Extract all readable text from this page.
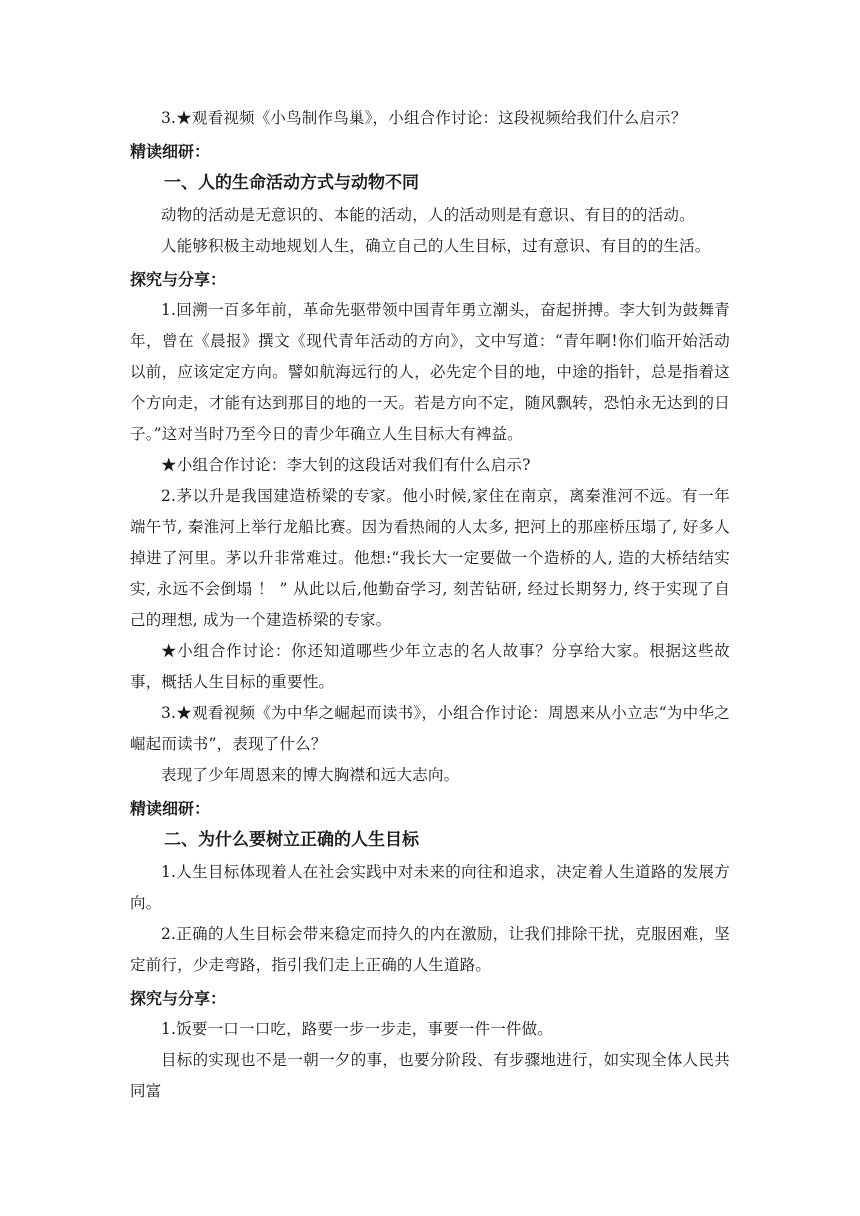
3.★观看视频《小鸟制作鸟巢》，小组合作讨论：这段视频给我们什么启示？
精读细研：
一、人的生命活动方式与动物不同
动物的活动是无意识的、本能的活动，人的活动则是有意识、有目的的活动。
人能够积极主动地规划人生，确立自己的人生目标，过有意识、有目的的生活。
探究与分享：
1.回溯一百多年前，革命先驱带领中国青年勇立潮头，奋起拼搏。李大钊为鼓舞青年，曾在《晨报》撰文《现代青年活动的方向》，文中写道：“青年啊!你们临开始活动以前，应该定定方向。譬如航海远行的人，必先定个目的地，中途的指针，总是指着这个方向走，才能有达到那目的地的一天。若是方向不定，随风飘转，恐怕永无达到的日子。”这对当时乃至今日的青少年确立人生目标大有裨益。
★小组合作讨论：李大钊的这段话对我们有什么启示?
2.茅以升是我国建造桥梁的专家。他小时候,家住在南京，离秦淮河不远。有一年端午节, 秦淮河上举行龙船比赛。因为看热闹的人太多, 把河上的那座桥压塌了, 好多人掉进了河里。茅以升非常难过。他想:“我长大一定要做一个造桥的人, 造的大桥结结实实, 永远不会倒塌 ！ ” 从此以后,他勤奋学习, 刻苦钻研, 经过长期努力, 终于实现了自己的理想, 成为一个建造桥梁的专家。
★小组合作讨论：你还知道哪些少年立志的名人故事？分享给大家。根据这些故事，概括人生目标的重要性。
3.★观看视频《为中华之崛起而读书》，小组合作讨论：周恩来从小立志“为中华之崛起而读书”，表现了什么？
表现了少年周恩来的博大胸襟和远大志向。
精读细研：
二、为什么要树立正确的人生目标
1.人生目标体现着人在社会实践中对未来的向往和追求，决定着人生道路的发展方向。
2.正确的人生目标会带来稳定而持久的内在激励，让我们排除干扰，克服困难，坚定前行，少走弯路，指引我们走上正确的人生道路。
探究与分享：
1.饭要一口一口吃，路要一步一步走，事要一件一件做。
目标的实现也不是一朝一夕的事，也要分阶段、有步骤地进行，如实现全体人民共同富
